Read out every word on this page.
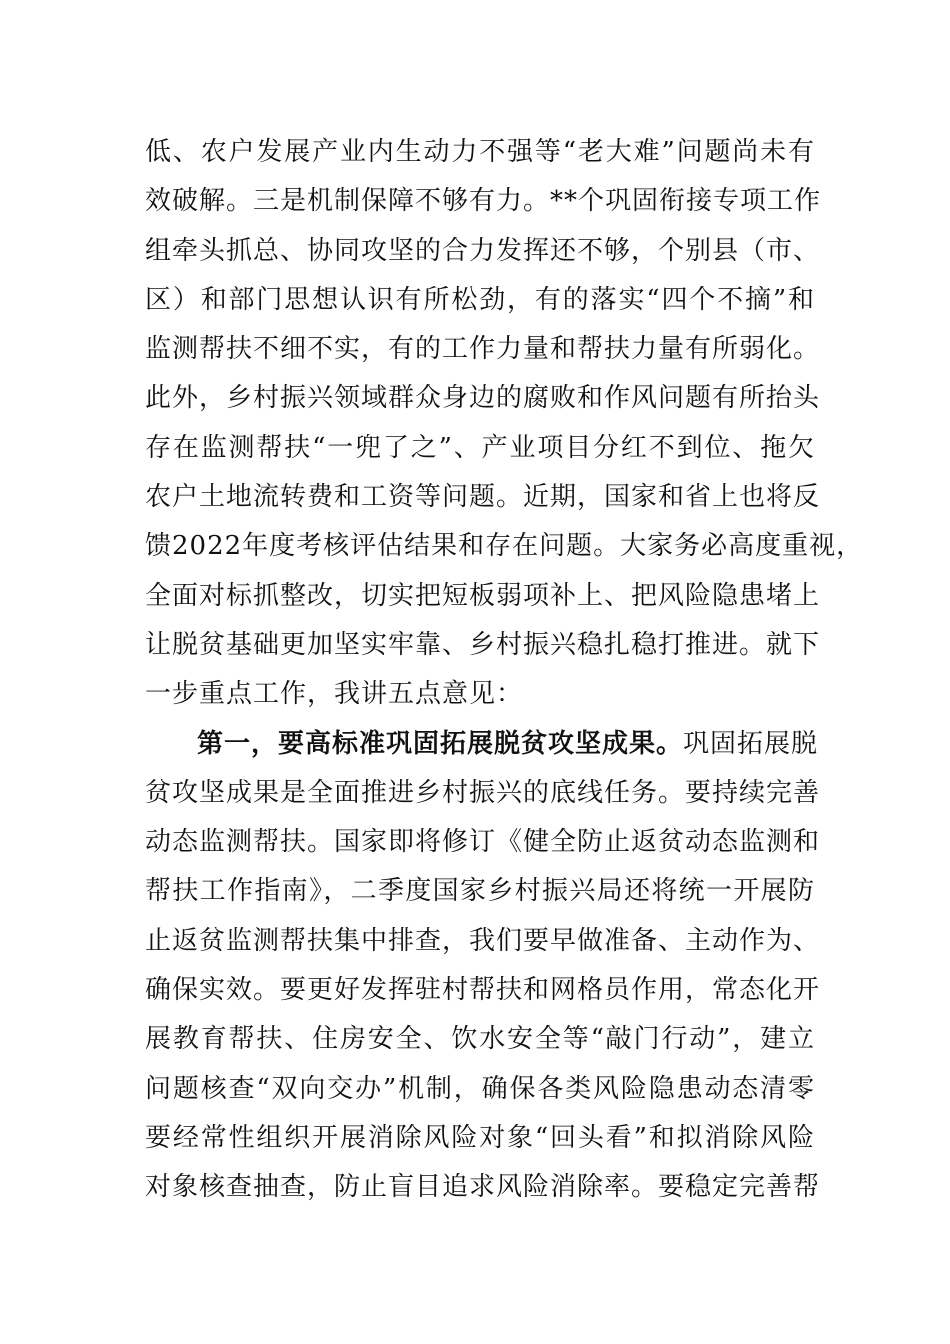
低、农户发展产业内生动力不强等“老大难”问题尚未有
效破解。三是机制保障不够有力。**个巩固衔接专项工作
组牵头抓总、协同攻坚的合力发挥还不够，个别县（市、
区）和部门思想认识有所松劲，有的落实“四个不摘”和
监测帮扶不细不实，有的工作力量和帮扶力量有所弱化。
此外，乡村振兴领域群众身边的腐败和作风问题有所抬头
存在监测帮扶“一兜了之”、产业项目分红不到位、拖欠
农户土地流转费和工资等问题。近期，国家和省上也将反
馈2022年度考核评估结果和存在问题。大家务必高度重视，
全面对标抓整改，切实把短板弱项补上、把风险隐患堵上
让脱贫基础更加坚实牢靠、乡村振兴稳扎稳打推进。就下
一步重点工作，我讲五点意见：
第一，要高标准巩固拓展脱贫攻坚成果。巩固拓展脱
贫攻坚成果是全面推进乡村振兴的底线任务。要持续完善
动态监测帮扶。国家即将修订《健全防止返贫动态监测和
帮扶工作指南》，二季度国家乡村振兴局还将统一开展防
止返贫监测帮扶集中排查，我们要早做准备、主动作为、
确保实效。要更好发挥驻村帮扶和网格员作用，常态化开
展教育帮扶、住房安全、饮水安全等“敲门行动”，建立
问题核查“双向交办”机制，确保各类风险隐患动态清零
要经常性组织开展消除风险对象“回头看”和拟消除风险
对象核查抽查，防止盲目追求风险消除率。要稳定完善帮
